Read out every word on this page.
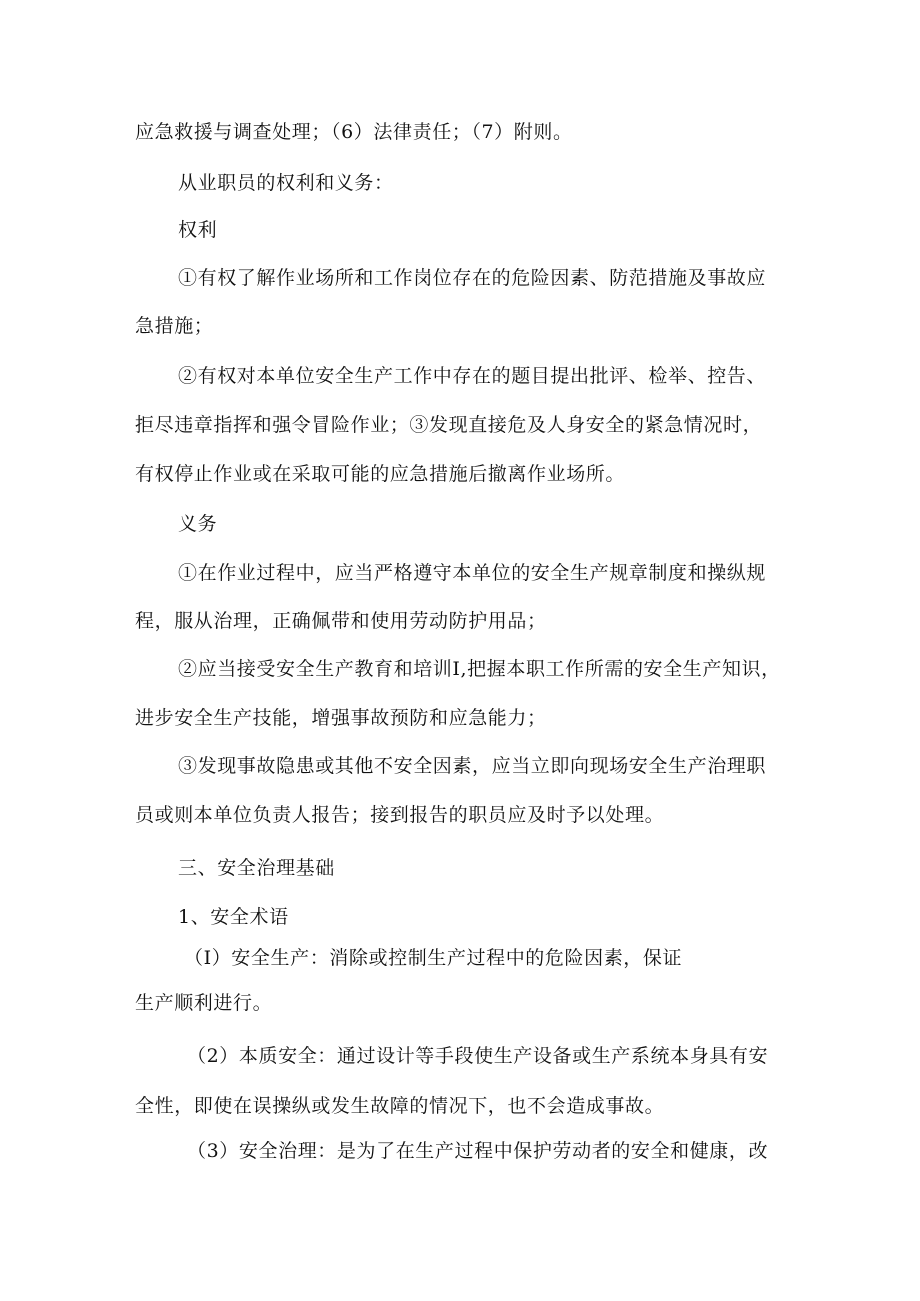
应急救援与调查处理；（6）法律责任；（7）附则。
从业职员的权利和义务：
权利
①有权了解作业场所和工作岗位存在的危险因素、防范措施及事故应
急措施；
②有权对本单位安全生产工作中存在的题目提出批评、检举、控告、
拒尽违章指挥和强令冒险作业；③发现直接危及人身安全的紧急情况时，
有权停止作业或在采取可能的应急措施后撤离作业场所。
义务
①在作业过程中，应当严格遵守本单位的安全生产规章制度和操纵规
程，服从治理，正确佩带和使用劳动防护用品；
②应当接受安全生产教育和培训I,把握本职工作所需的安全生产知识，
进步安全生产技能，增强事故预防和应急能力；
③发现事故隐患或其他不安全因素，应当立即向现场安全生产治理职
员或则本单位负责人报告；接到报告的职员应及时予以处理。
三、安全治理基础
1、安全术语
（I）安全生产：消除或控制生产过程中的危险因素，保证
生产顺利进行。
（2）本质安全：通过设计等手段使生产设备或生产系统本身具有安
全性，即使在误操纵或发生故障的情况下，也不会造成事故。
（3）安全治理：是为了在生产过程中保护劳动者的安全和健康，改
